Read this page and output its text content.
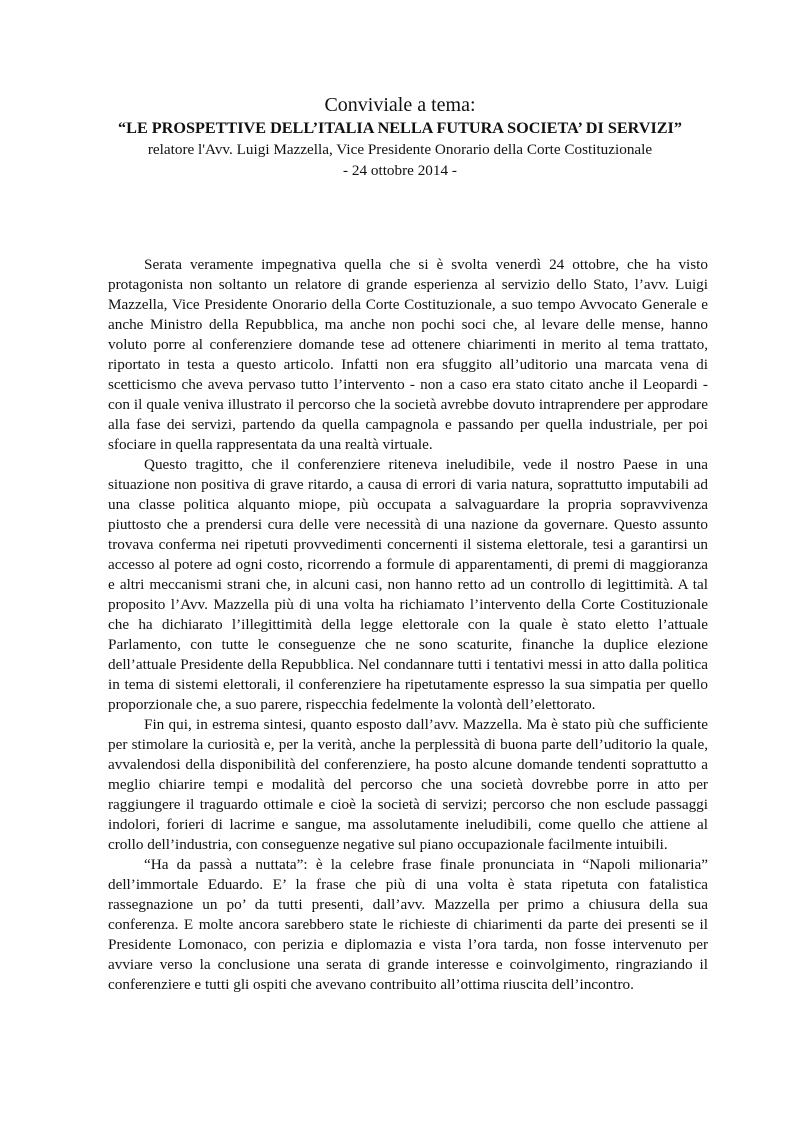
Conviviale a tema:
“LE PROSPETTIVE DELL’ITALIA NELLA FUTURA SOCIETA’ DI SERVIZI”
relatore l'Avv. Luigi Mazzella, Vice Presidente Onorario della Corte Costituzionale
- 24 ottobre 2014 -

Serata veramente impegnativa quella che si è svolta venerdì 24 ottobre, che ha visto protagonista non soltanto un relatore di grande esperienza al servizio dello Stato, l’avv. Luigi Mazzella, Vice Presidente Onorario della Corte Costituzionale, a suo tempo Avvocato Generale e anche Ministro della Repubblica, ma anche non pochi soci che, al levare delle mense, hanno voluto porre al conferenziere domande tese ad ottenere chiarimenti in merito al tema trattato, riportato in testa a questo articolo. Infatti non era sfuggito all’uditorio una marcata vena di scetticismo che aveva pervaso tutto l’intervento - non a caso era stato citato anche il Leopardi - con il quale veniva illustrato il percorso che la società avrebbe dovuto intraprendere per approdare alla fase dei servizi, partendo da quella campagnola e passando per quella industriale, per poi sfociare in quella rappresentata da una realtà virtuale.

Questo tragitto, che il conferenziere riteneva ineludibile, vede il nostro Paese in una situazione non positiva di grave ritardo, a causa di errori di varia natura, soprattutto imputabili ad una classe politica alquanto miope, più occupata a salvaguardare la propria sopravvivenza piuttosto che a prendersi cura delle vere necessità di una nazione da governare. Questo assunto trovava conferma nei ripetuti provvedimenti concernenti il sistema elettorale, tesi a garantirsi un accesso al potere ad ogni costo, ricorrendo a formule di apparentamenti, di premi di maggioranza e altri meccanismi strani che, in alcuni casi, non hanno retto ad un controllo di legittimità. A tal proposito l’Avv. Mazzella più di una volta ha richiamato l’intervento della Corte Costituzionale che ha dichiarato l’illegittimità della legge elettorale con la quale è stato eletto l’attuale Parlamento, con tutte le conseguenze che ne sono scaturite, finanche la duplice elezione dell’attuale Presidente della Repubblica. Nel condannare tutti i tentativi messi in atto dalla politica in tema di sistemi elettorali, il conferenziere ha ripetutamente espresso la sua simpatia per quello proporzionale che, a suo parere, rispecchia fedelmente la volontà dell’elettorato.

Fin qui, in estrema sintesi, quanto esposto dall’avv. Mazzella. Ma è stato più che sufficiente per stimolare la curiosità e, per la verità, anche la perplessità di buona parte dell’uditorio la quale, avvalendosi della disponibilità del conferenziere, ha posto alcune domande tendenti soprattutto a meglio chiarire tempi e modalità del percorso che una società dovrebbe porre in atto per raggiungere il traguardo ottimale e cioè la società di servizi; percorso che non esclude passaggi indolori, forieri di lacrime e sangue, ma assolutamente ineludibili, come quello che attiene al crollo dell’industria, con conseguenze negative sul piano occupazionale facilmente intuibili.

“Ha da passà a nuttata”: è la celebre frase finale pronunciata in “Napoli milionaria” dell’immortale Eduardo. E’ la frase che più di una volta è stata ripetuta con fatalistica rassegnazione un po’ da tutti presenti, dall’avv. Mazzella per primo a chiusura della sua conferenza. E molte ancora sarebbero state le richieste di chiarimenti da parte dei presenti se il Presidente Lomonaco, con perizia e diplomazia e vista l’ora tarda, non fosse intervenuto per avviare verso la conclusione una serata di grande interesse e coinvolgimento, ringraziando il conferenziere e tutti gli ospiti che avevano contribuito all’ottima riuscita dell’incontro.
